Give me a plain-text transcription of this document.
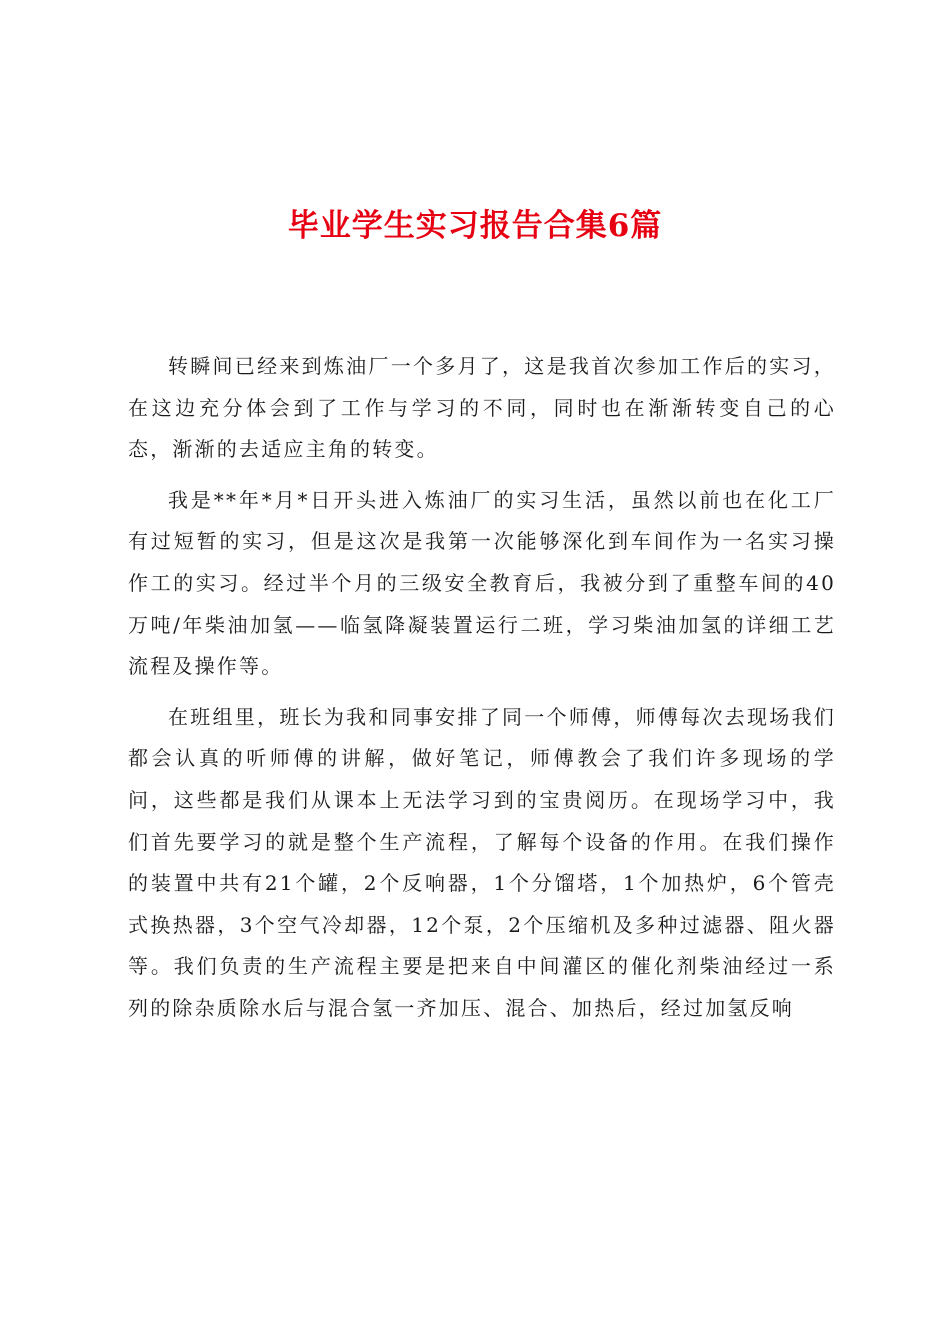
毕业学生实习报告合集6篇

转瞬间已经来到炼油厂一个多月了，这是我首次参加工作后的实习，在这边充分体会到了工作与学习的不同，同时也在渐渐转变自己的心态，渐渐的去适应主角的转变。

我是**年*月*日开头进入炼油厂的实习生活，虽然以前也在化工厂有过短暂的实习，但是这次是我第一次能够深化到车间作为一名实习操作工的实习。经过半个月的三级安全教育后，我被分到了重整车间的40万吨/年柴油加氢——临氢降凝装置运行二班，学习柴油加氢的详细工艺流程及操作等。

在班组里，班长为我和同事安排了同一个师傅，师傅每次去现场我们都会认真的听师傅的讲解，做好笔记，师傅教会了我们许多现场的学问，这些都是我们从课本上无法学习到的宝贵阅历。在现场学习中，我们首先要学习的就是整个生产流程，了解每个设备的作用。在我们操作的装置中共有21个罐，2个反响器，1个分馏塔，1个加热炉，6个管壳式换热器，3个空气冷却器，12个泵，2个压缩机及多种过滤器、阻火器等。我们负责的生产流程主要是把来自中间灌区的催化剂柴油经过一系列的除杂质除水后与混合氢一齐加压、混合、加热后，经过加氢反响
